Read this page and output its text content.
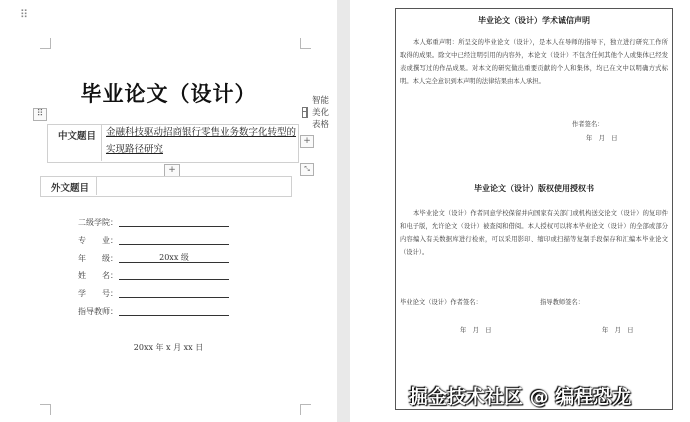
⠿
毕业论文（设计）
⠿
智能美化表格
中文题目 金融科技驱动招商银行零售业务数字化转型的
实现路径研究
+
+	⤡
外文题目
二级学院：
专　　业：
年　　级：	20xx 级
姓　　名：
学　　号：
指导教师：
20xx 年 x 月 xx 日
毕业论文（设计）学术诚信声明
本人郑重声明：所呈交的毕业论文（设计），是本人在导师的指导下，独立进行研究工作所取得的成果。除文中已经注明引用的内容外，本论文（设计）不包含任何其他个人或集体已经发表或撰写过的作品成果。对本文的研究做出重要贡献的个人和集体，均已在文中以明确方式标明。本人完全意识到本声明的法律结果由本人承担。
作者签名：
年　月　日
毕业论文（设计）版权使用授权书
本毕业论文（设计）作者同意学校保留并向国家有关部门或机构送交论文（设计）的复印件和电子版，允许论文（设计）被查阅和借阅。本人授权可以将本毕业论文（设计）的全部或部分内容编入有关数据库进行检索，可以采用影印、缩印或扫描等复制手段保存和汇编本毕业论文（设计）。
毕业论文（设计）作者签名：	指导教师签名：
年　月　日	年　月　日
掘金技术社区 @ 编程恐龙
